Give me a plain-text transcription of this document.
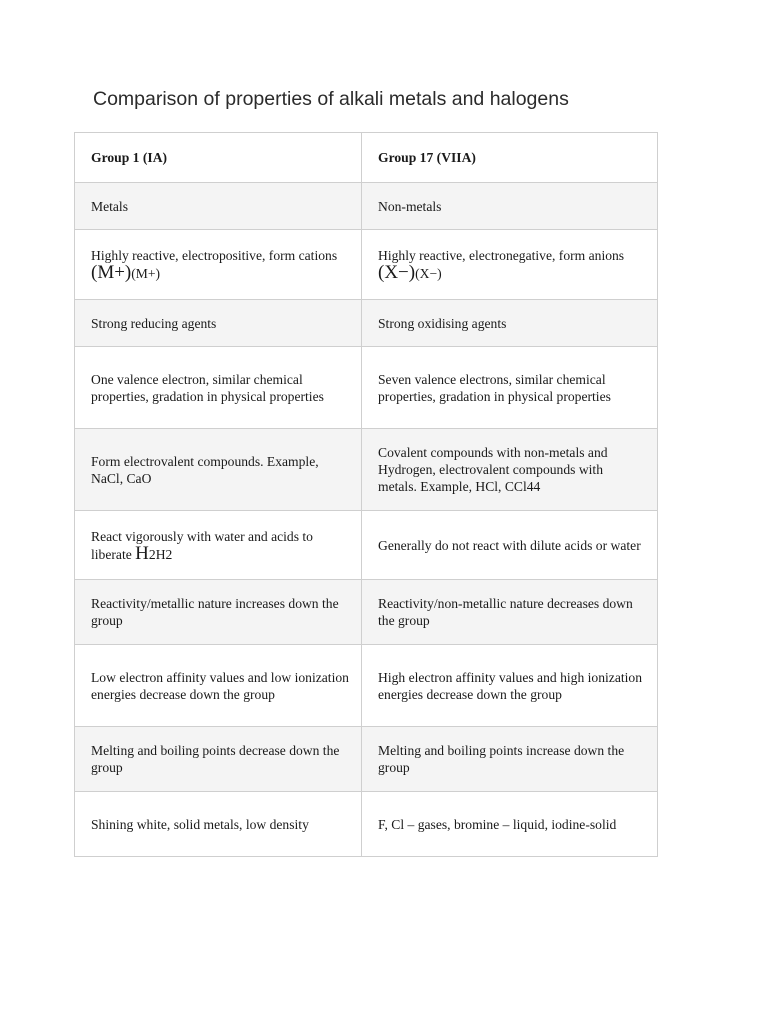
Comparison of properties of alkali metals and halogens
Group 1 (IA)	Group 17 (VIIA)
Metals	Non-metals
Highly reactive, electropositive, form cations (M+)(M+)	Highly reactive, electronegative, form anions (X−)(X−)
Strong reducing agents	Strong oxidising agents
One valence electron, similar chemical properties, gradation in physical properties	Seven valence electrons, similar chemical properties, gradation in physical properties
Form electrovalent compounds. Example, NaCl, CaO	Covalent compounds with non-metals and Hydrogen, electrovalent compounds with metals. Example, HCl, CCl44
React vigorously with water and acids to liberate H2H2	Generally do not react with dilute acids or water
Reactivity/metallic nature increases down the group	Reactivity/non-metallic nature decreases down the group
Low electron affinity values and low ionization energies decrease down the group	High electron affinity values and high ionization energies decrease down the group
Melting and boiling points decrease down the group	Melting and boiling points increase down the group
Shining white, solid metals, low density	F, Cl – gases, bromine – liquid, iodine-solid
